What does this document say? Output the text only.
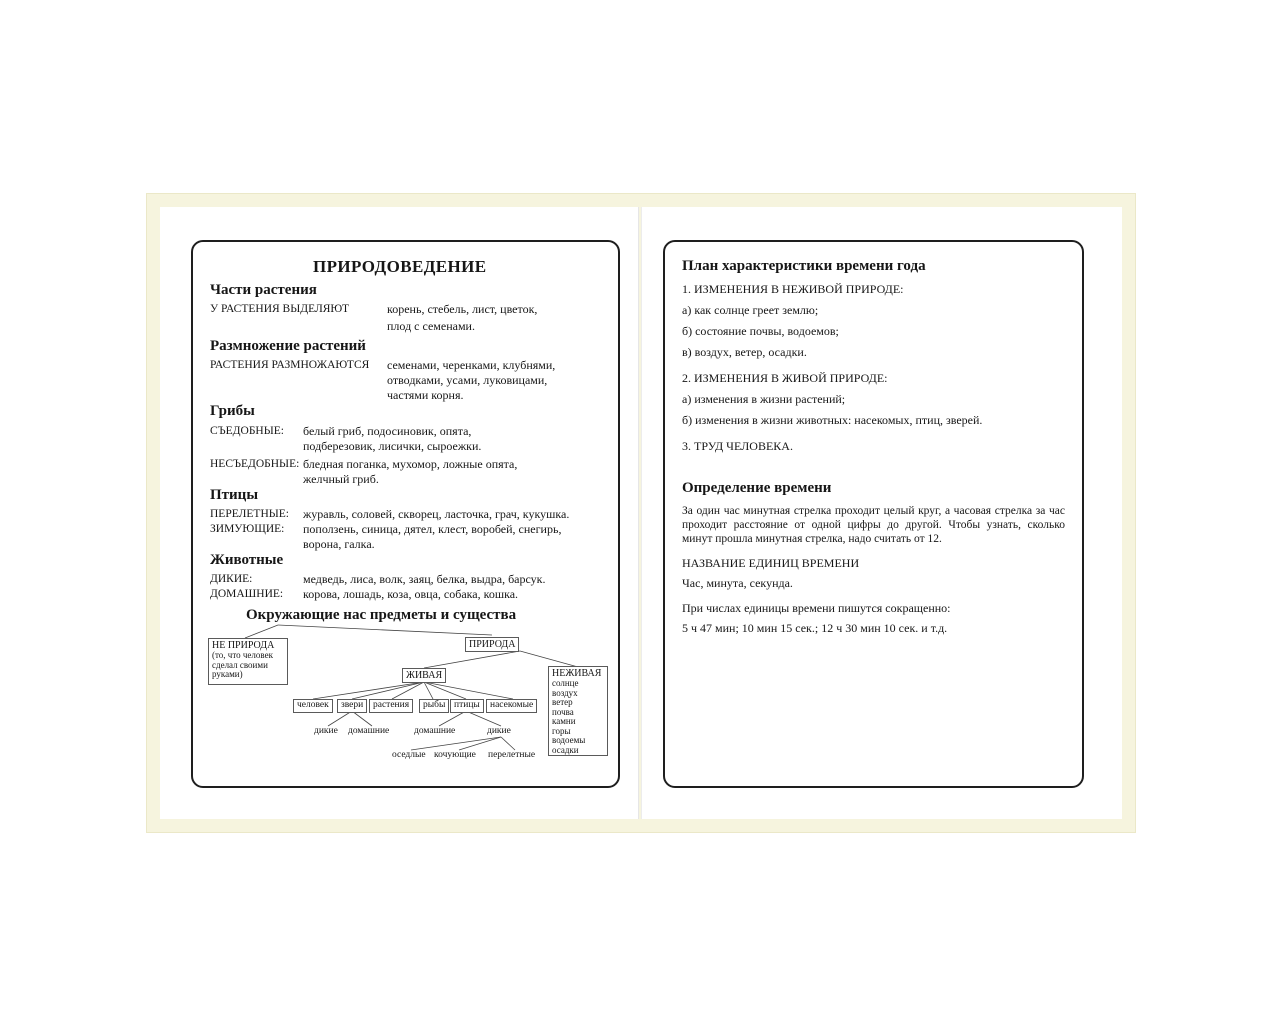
ПРИРОДОВЕДЕНИЕ
Части растения
У РАСТЕНИЯ ВЫДЕЛЯЮТ	корень, стебель, лист, цветок,
плод с семенами.
Размножение растений
РАСТЕНИЯ РАЗМНОЖАЮТСЯ семенами, черенками, клубнями,
отводками, усами, луковицами,
частями корня.
Грибы
СЪЕДОБНЫЕ: белый гриб, подосиновик, опята,
подберезовик, лисички, сыроежки.
НЕСЪЕДОБНЫЕ: бледная поганка, мухомор, ложные опята,
желчный гриб.
Птицы
ПЕРЕЛЕТНЫЕ: журавль, соловей, скворец, ласточка, грач, кукушка.
ЗИМУЮЩИЕ: поползень, синица, дятел, клест, воробей, снегирь,
ворона, галка.
Животные
ДИКИЕ:	медведь, лиса, волк, заяц, белка, выдра, барсук.
ДОМАШНИЕ: корова, лошадь, коза, овца, собака, кошка.
Окружающие нас предметы и существа
НЕ ПРИРОДА
(то, что человек
сделал своими
руками)
ПРИРОДА
ЖИВАЯ	НЕЖИВАЯ
солнце
воздух
ветер
почва
камни
горы
водоемы
осадки
человек	звери	растения	рыбы птицы	насекомые
дикие домашние	домашние	дикие
оседлые кочующие перелетные
План характеристики времени года
1. ИЗМЕНЕНИЯ В НЕЖИВОЙ ПРИРОДЕ:
а) как солнце греет землю;
б) состояние почвы, водоемов;
в) воздух, ветер, осадки.
2. ИЗМЕНЕНИЯ В ЖИВОЙ ПРИРОДЕ:
а) изменения в жизни растений;
б) изменения в жизни животных: насекомых, птиц, зверей.
3. ТРУД ЧЕЛОВЕКА.
Определение времени
За один час минутная стрелка проходит целый круг, а часовая стрелка за час проходит расстояние от одной цифры до другой. Чтобы узнать, сколько минут прошла минутная стрелка, надо считать от 12.
НАЗВАНИЕ ЕДИНИЦ ВРЕМЕНИ
Час, минута, секунда.
При числах единицы времени пишутся сокращенно:
5 ч 47 мин; 10 мин 15 сек.; 12 ч 30 мин 10 сек. и т.д.
